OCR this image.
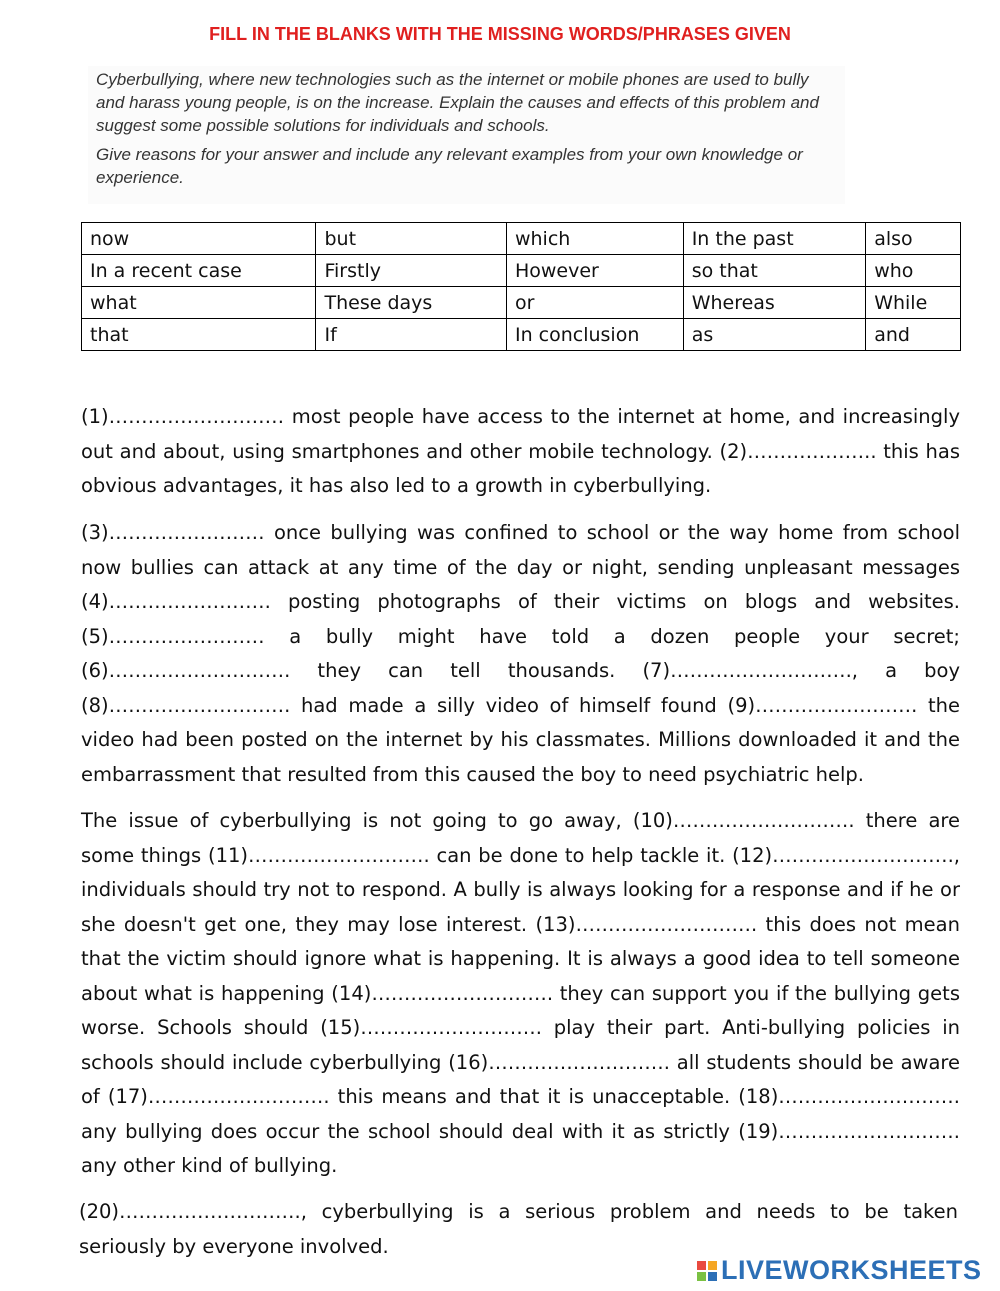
FILL IN THE BLANKS WITH THE MISSING WORDS/PHRASES GIVEN

Cyberbullying, where new technologies such as the internet or mobile phones are used to bully and harass young people, is on the increase. Explain the causes and effects of this problem and suggest some possible solutions for individuals and schools.

Give reasons for your answer and include any relevant examples from your own knowledge or experience.

now	but	which	In the past	also
In a recent case	Firstly	However	so that	who
what	These days	or	Whereas	While
that	If	In conclusion	as	and

(1)……………………… most people have access to the internet at home, and increasingly out and about, using smartphones and other mobile technology. (2)……………….. this has obvious advantages, it has also led to a growth in cyberbullying.

(3)…………………… once bullying was confined to school or the way home from school now bullies can attack at any time of the day or night, sending unpleasant messages (4)……………………. posting photographs of their victims on blogs and websites. (5)…………………… a bully might have told a dozen people your secret; (6)………………………. they can tell thousands. (7)………………………., a boy (8)………………………. had made a silly video of himself found (9)……………………. the video had been posted on the internet by his classmates. Millions downloaded it and the embarrassment that resulted from this caused the boy to need psychiatric help.

The issue of cyberbullying is not going to go away, (10)………………………. there are some things (11)………………………. can be done to help tackle it. (12)………………………., individuals should try not to respond. A bully is always looking for a response and if he or she doesn't get one, they may lose interest. (13)………………………. this does not mean that the victim should ignore what is happening. It is always a good idea to tell someone about what is happening (14)………………………. they can support you if the bullying gets worse. Schools should (15)………………………. play their part. Anti-bullying policies in schools should include cyberbullying (16)………………………. all students should be aware of (17)………………………. this means and that it is unacceptable. (18)………………………. any bullying does occur the school should deal with it as strictly (19)………………………. any other kind of bullying.

(20)………………………., cyberbullying is a serious problem and needs to be taken seriously by everyone involved.

LIVEWORKSHEETS
